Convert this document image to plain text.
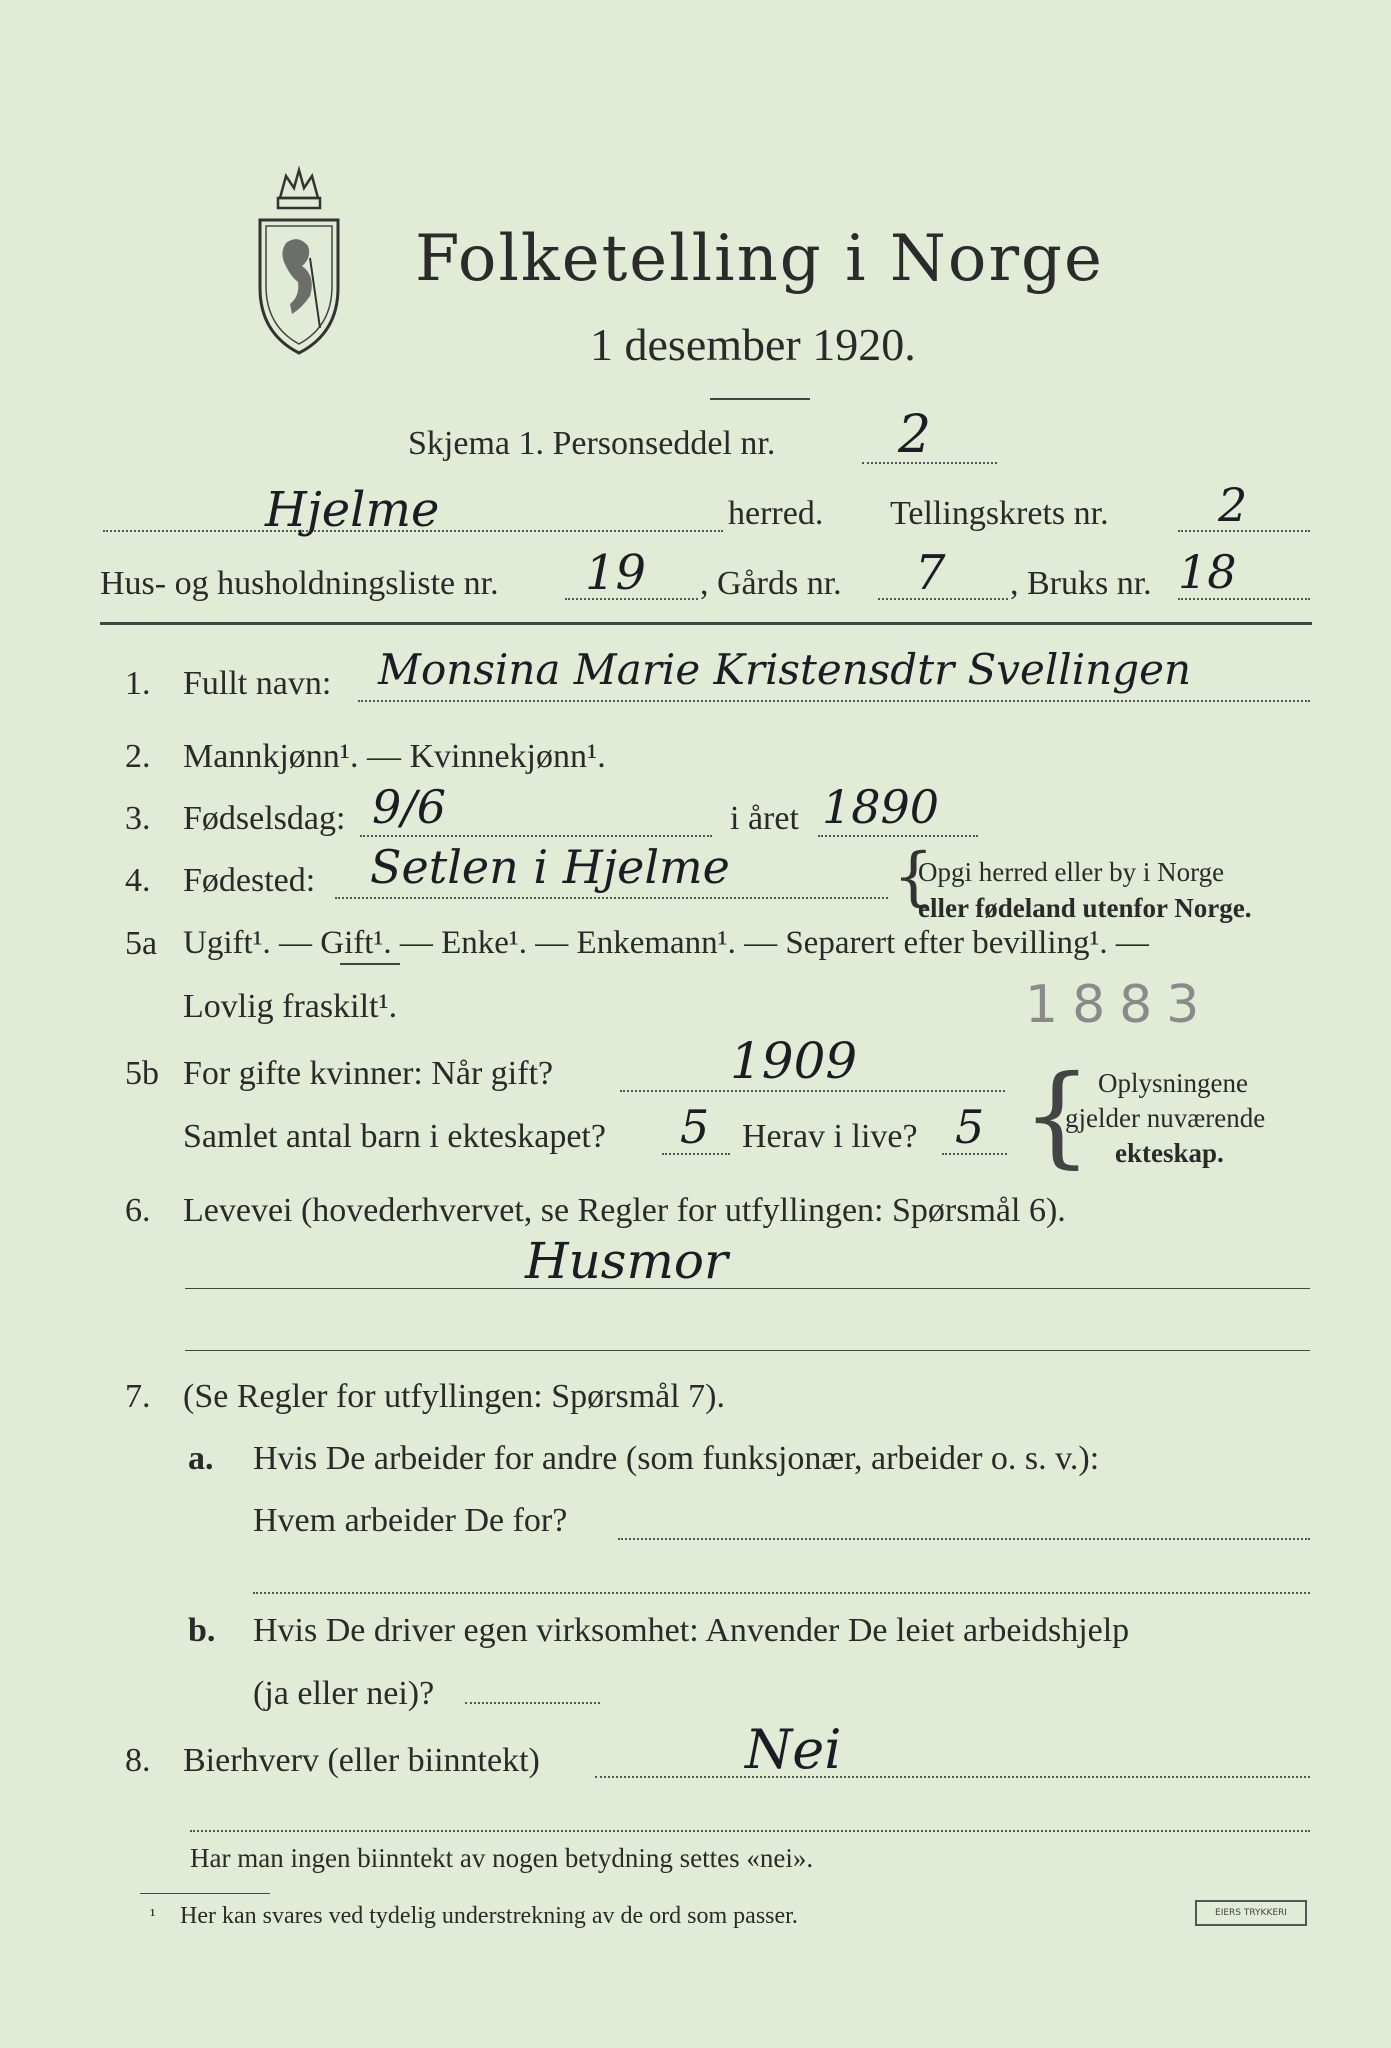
Folketelling i Norge
1 desember 1920.
Skjema 1. Personseddel nr. 2
Hjelme	herred. Tellingskrets nr. 2
Hus- og husholdningsliste nr. 19 , Gårds nr. 7 , Bruks nr. 18
1. Fullt navn: Monsina Marie Kristensdtr Svellingen
2. Mannkjønn¹. — Kvinnekjønn¹.
3. Fødselsdag: 9/6	i året 1890
4. Fødested: Setlen i Hjelme	{
Opgi herred eller by i Norge
eller fødeland utenfor Norge.
5a Ugift¹. — Gift¹. — Enke¹. — Enkemann¹. — Separert efter bevilling¹. —
Lovlig fraskilt¹.	1883
5b For gifte kvinner: Når gift?	1909
Samlet antal barn i ekteskapet? 5 Herav i live? 5 { Oplysningene
gjelder nuværende
ekteskap.
6. Levevei (hovederhvervet, se Regler for utfyllingen: Spørsmål 6).
Husmor
7. (Se Regler for utfyllingen: Spørsmål 7).
a. Hvis De arbeider for andre (som funksjonær, arbeider o. s. v.):
Hvem arbeider De for?
b. Hvis De driver egen virksomhet: Anvender De leiet arbeidshjelp
(ja eller nei)?
8. Bierhverv (eller biinntekt)	Nei
Har man ingen biinntekt av nogen betydning settes «nei».
¹ Her kan svares ved tydelig understrekning av de ord som passer.	EIERS TRYKKERI
